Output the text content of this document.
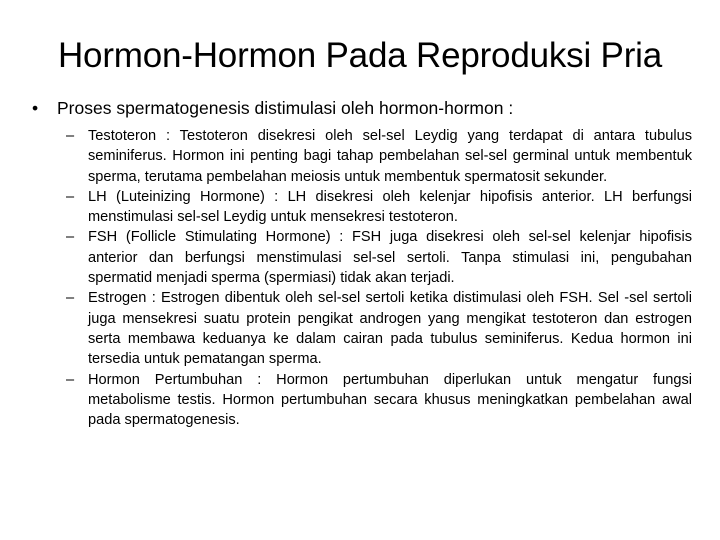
Hormon-Hormon Pada Reproduksi Pria
• Proses spermatogenesis distimulasi oleh hormon-hormon :
– Testoteron : Testoteron disekresi oleh sel-sel Leydig yang terdapat di antara tubulus seminiferus. Hormon ini penting bagi tahap pembelahan sel-sel germinal untuk membentuk sperma, terutama pembelahan meiosis untuk membentuk spermatosit sekunder.
– LH (Luteinizing Hormone) : LH disekresi oleh kelenjar hipofisis anterior. LH berfungsi menstimulasi sel-sel Leydig untuk mensekresi testoteron.
– FSH (Follicle Stimulating Hormone) : FSH juga disekresi oleh sel-sel kelenjar hipofisis anterior dan berfungsi menstimulasi sel-sel sertoli. Tanpa stimulasi ini, pengubahan spermatid menjadi sperma (spermiasi) tidak akan terjadi.
– Estrogen : Estrogen dibentuk oleh sel-sel sertoli ketika distimulasi oleh FSH. Sel -sel sertoli juga mensekresi suatu protein pengikat androgen yang mengikat testoteron dan estrogen serta membawa keduanya ke dalam cairan pada tubulus seminiferus. Kedua hormon ini tersedia untuk pematangan sperma.
– Hormon Pertumbuhan : Hormon pertumbuhan diperlukan untuk mengatur fungsi metabolisme testis. Hormon pertumbuhan secara khusus meningkatkan pembelahan awal pada spermatogenesis.
